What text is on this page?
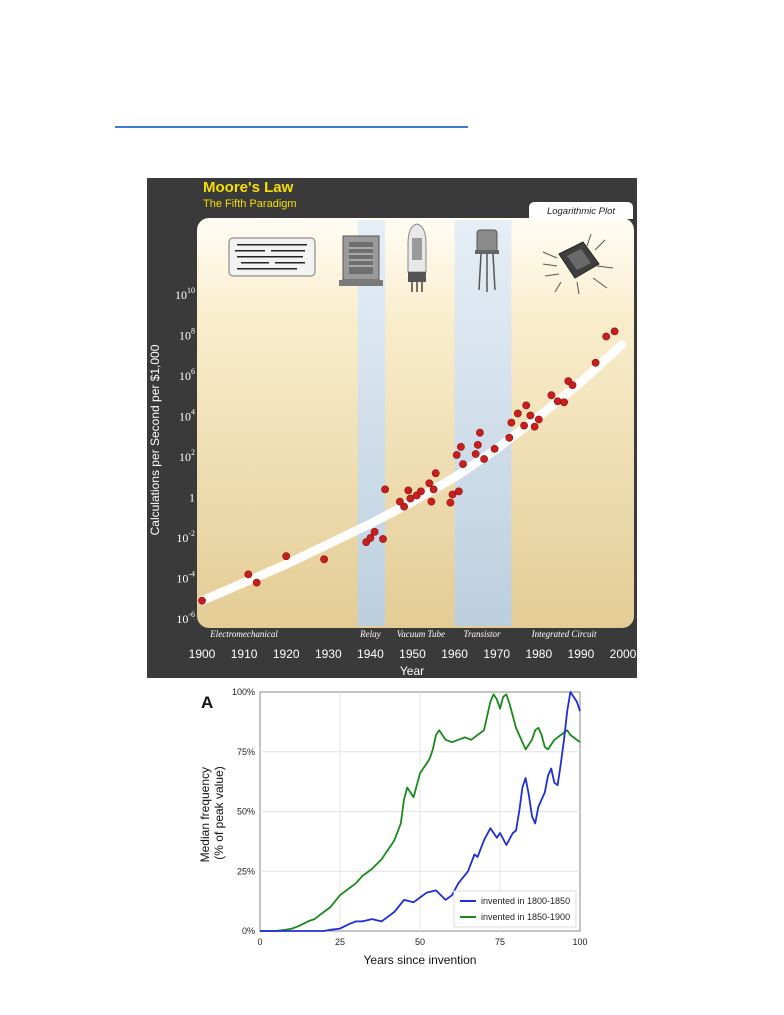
Moore's Law
The Fifth Paradigm
Logarithmic Plot
$10^{-6}$
$10^{-4}$
$10^{-2}$
1
$10^2$
$10^4$
$10^6$
$10^8$
$10^{10}$
1900 1910 1920 1930 1940 1950 1960 1970 1980 1990 2000
Electromechanical	Relay Vacuum Tube Transistor	Integrated Circuit
Calculations per Second per $1,000
Year
A
0%
25%
50%
75%
100%
0	25	50	75	100
Median frequency (% of peak value)
Years since invention
invented in 1800-1850
invented in 1850-1900
